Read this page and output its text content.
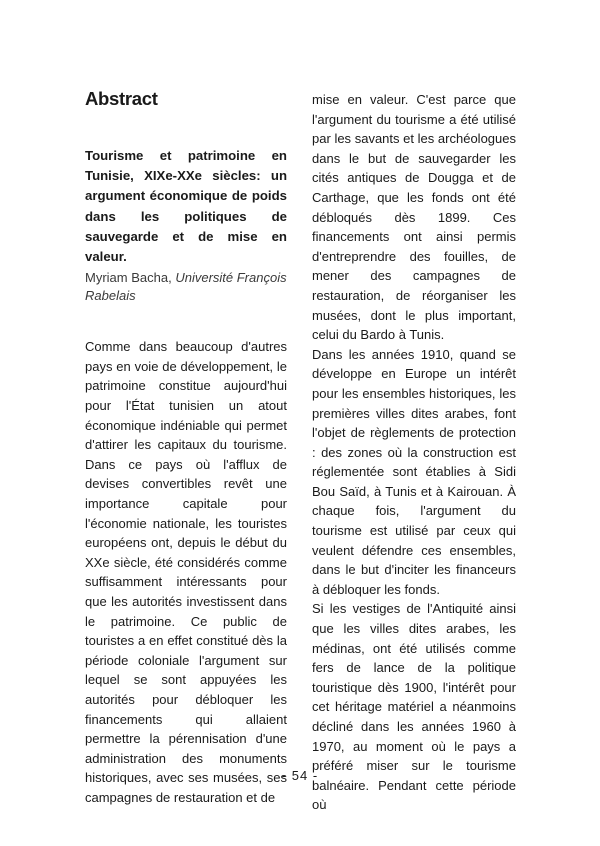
Abstract
Tourisme et patrimoine en Tunisie, XIXe-XXe siècles: un argument économique de poids dans les politiques de sauvegarde et de mise en valeur.
Myriam Bacha, Université François Rabelais

Comme dans beaucoup d'autres pays en voie de développement, le patrimoine constitue aujourd'hui pour l'État tunisien un atout économique indéniable qui permet d'attirer les capitaux du tourisme. Dans ce pays où l'afflux de devises convertibles revêt une importance capitale pour l'économie nationale, les touristes européens ont, depuis le début du XXe siècle, été considérés comme suffisamment intéressants pour que les autorités investissent dans le patrimoine. Ce public de touristes a en effet constitué dès la période coloniale l'argument sur lequel se sont appuyées les autorités pour débloquer les financements qui allaient permettre la pérennisation d'une administration des monuments historiques, avec ses musées, ses campagnes de restauration et de

mise en valeur. C'est parce que l'argument du tourisme a été utilisé par les savants et les archéologues dans le but de sauvegarder les cités antiques de Dougga et de Carthage, que les fonds ont été débloqués dès 1899. Ces financements ont ainsi permis d'entreprendre des fouilles, de mener des campagnes de restauration, de réorganiser les musées, dont le plus important, celui du Bardo à Tunis.

Dans les années 1910, quand se développe en Europe un intérêt pour les ensembles historiques, les premières villes dites arabes, font l'objet de règlements de protection : des zones où la construction est réglementée sont établies à Sidi Bou Saïd, à Tunis et à Kairouan. À chaque fois, l'argument du tourisme est utilisé par ceux qui veulent défendre ces ensembles, dans le but d'inciter les financeurs à débloquer les fonds.

Si les vestiges de l'Antiquité ainsi que les villes dites arabes, les médinas, ont été utilisés comme fers de lance de la politique touristique dès 1900, l'intérêt pour cet héritage matériel a néanmoins décliné dans les années 1960 à 1970, au moment où le pays a préféré miser sur le tourisme balnéaire. Pendant cette période où

- 54 -
